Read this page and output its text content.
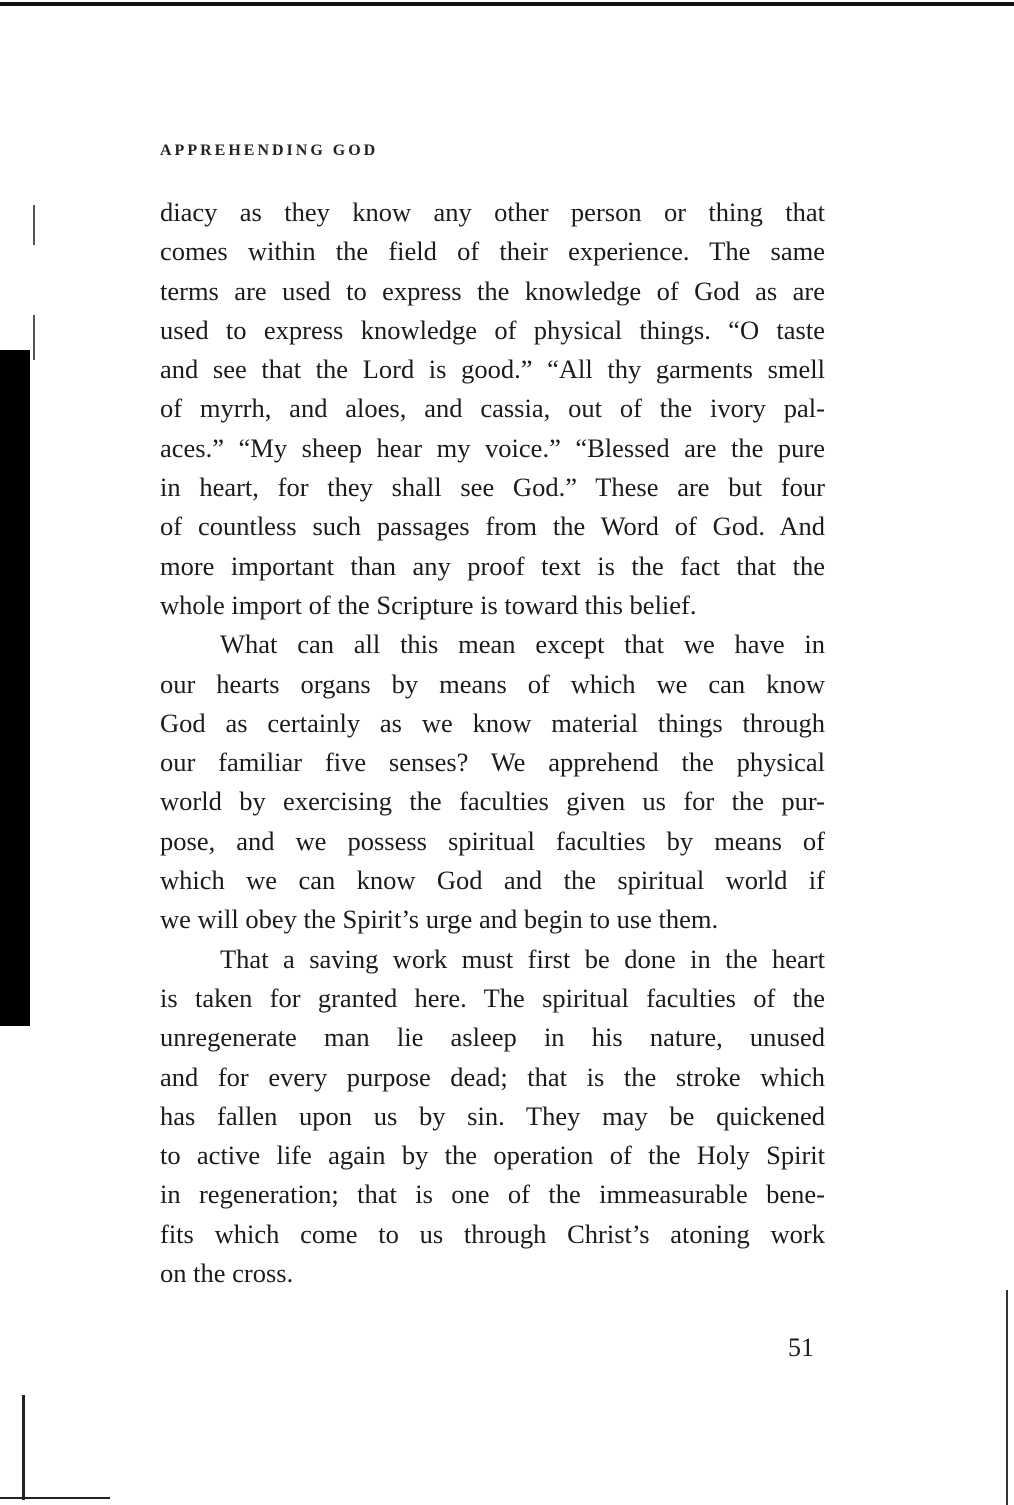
APPREHENDING GOD
diacy as they know any other person or thing that
comes within the field of their experience. The same
terms are used to express the knowledge of God as are
used to express knowledge of physical things. “O taste
and see that the Lord is good.” “All thy garments smell
of myrrh, and aloes, and cassia, out of the ivory pal-
aces.” “My sheep hear my voice.” “Blessed are the pure
in heart, for they shall see God.” These are but four
of countless such passages from the Word of God. And
more important than any proof text is the fact that the
whole import of the Scripture is toward this belief.
What can all this mean except that we have in
our hearts organs by means of which we can know
God as certainly as we know material things through
our familiar five senses? We apprehend the physical
world by exercising the faculties given us for the pur-
pose, and we possess spiritual faculties by means of
which we can know God and the spiritual world if
we will obey the Spirit’s urge and begin to use them.
That a saving work must first be done in the heart
is taken for granted here. The spiritual faculties of the
unregenerate man lie asleep in his nature, unused
and for every purpose dead; that is the stroke which
has fallen upon us by sin. They may be quickened
to active life again by the operation of the Holy Spirit
in regeneration; that is one of the immeasurable bene-
fits which come to us through Christ’s atoning work
on the cross.
51
